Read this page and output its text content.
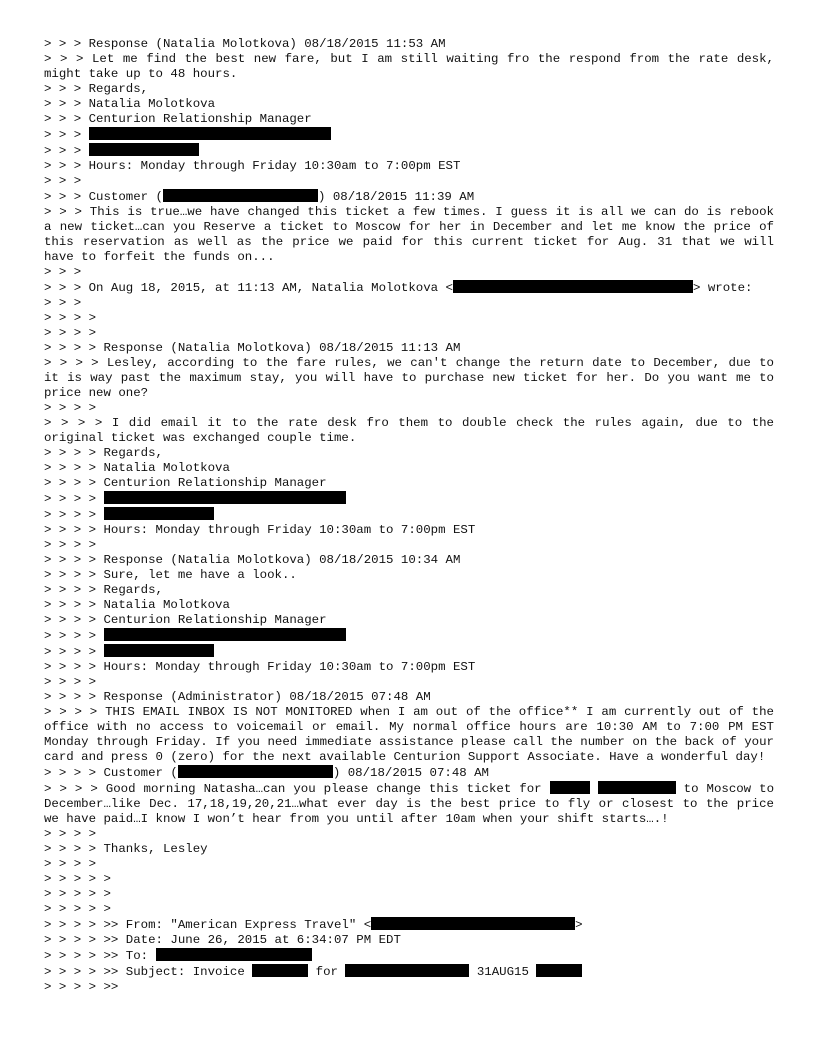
> > > Response (Natalia Molotkova) 08/18/2015 11:53 AM
> > > Let me find the best new fare, but I am still waiting fro the respond from the rate desk, might take up to 48 hours.
> > > Regards,
> > > Natalia Molotkova
> > > Centurion Relationship Manager
> > >
> > >
> > > Hours: Monday through Friday 10:30am to 7:00pm EST
> > >
> > > Customer (	) 08/18/2015 11:39 AM
> > > This is true…we have changed this ticket a few times. I guess it is all we can do is rebook a new ticket…can you Reserve a ticket to Moscow for her in December and let me know the price of this reservation as well as the price we paid for this current ticket for Aug. 31 that we will have to forfeit the funds on...
> > >
> > > On Aug 18, 2015, at 11:13 AM, Natalia Molotkova <	> wrote:
> > >
> > > >
> > > >
> > > > Response (Natalia Molotkova) 08/18/2015 11:13 AM
> > > > Lesley, according to the fare rules, we can't change the return date to December, due to it is way past the maximum stay, you will have to purchase new ticket for her. Do you want me to price new one?
> > > >
> > > > I did email it to the rate desk fro them to double check the rules again, due to the original ticket was exchanged couple time.
> > > > Regards,
> > > > Natalia Molotkova
> > > > Centurion Relationship Manager
> > > >
> > > >
> > > > Hours: Monday through Friday 10:30am to 7:00pm EST
> > > >
> > > > Response (Natalia Molotkova) 08/18/2015 10:34 AM
> > > > Sure, let me have a look..
> > > > Regards,
> > > > Natalia Molotkova
> > > > Centurion Relationship Manager
> > > >
> > > >
> > > > Hours: Monday through Friday 10:30am to 7:00pm EST
> > > >
> > > > Response (Administrator) 08/18/2015 07:48 AM
> > > > THIS EMAIL INBOX IS NOT MONITORED when I am out of the office** I am currently out of the office with no access to voicemail or email. My normal office hours are 10:30 AM to 7:00 PM EST Monday through Friday. If you need immediate assistance please call the number on the back of your card and press 0 (zero) for the next available Centurion Support Associate. Have a wonderful day!
> > > > Customer (	) 08/18/2015 07:48 AM
> > > > Good morning Natasha…can you please change this ticket for	to Moscow to December…like Dec. 17,18,19,20,21…what ever day is the best price to fly or closest to the price we have paid…I know I won’t hear from you until after 10am when your shift starts….!
> > > >
> > > > Thanks, Lesley
> > > >
> > > > >
> > > > >
> > > > >
> > > > >> From: "American Express Travel" <	>
> > > > >> Date: June 26, 2015 at 6:34:07 PM EDT
> > > > >> To:
> > > > >> Subject: Invoice	for	31AUG15
> > > > >>
